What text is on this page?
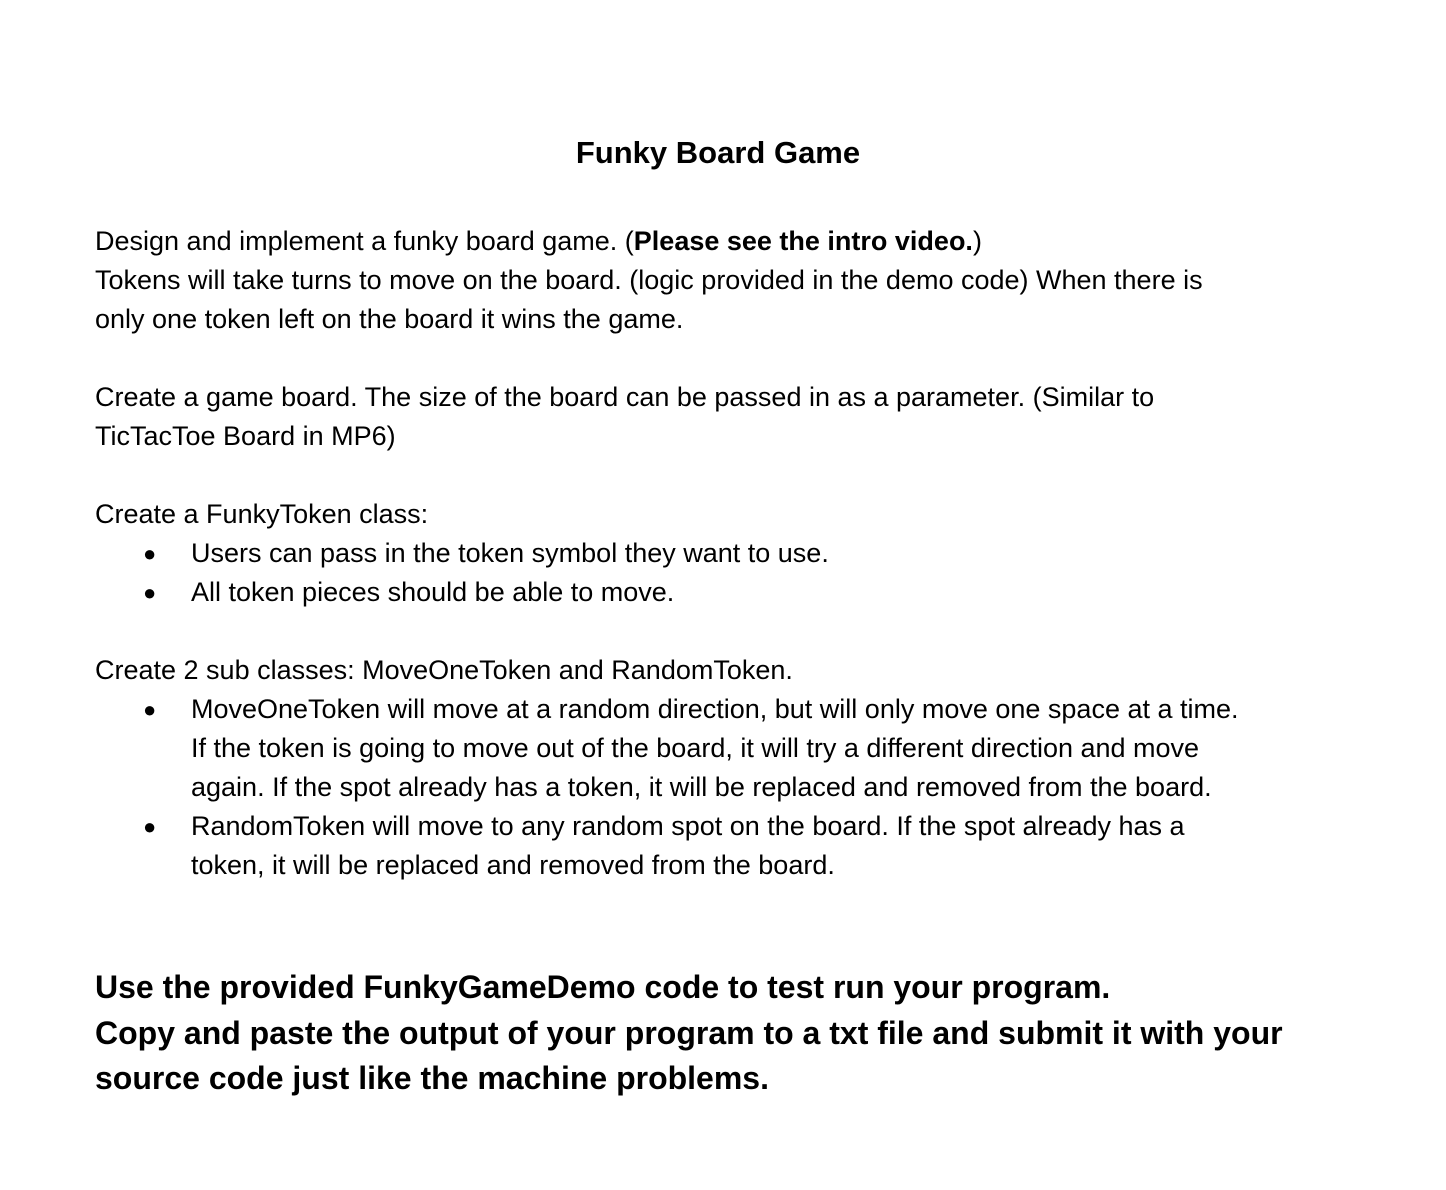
Funky Board Game
Design and implement a funky board game. (Please see the intro video.)
Tokens will take turns to move on the board. (logic provided in the demo code) When there is
only one token left on the board it wins the game.
Create a game board. The size of the board can be passed in as a parameter. (Similar to
TicTacToe Board in MP6)
Create a FunkyToken class:
● Users can pass in the token symbol they want to use.
● All token pieces should be able to move.
Create 2 sub classes: MoveOneToken and RandomToken.
● MoveOneToken will move at a random direction, but will only move one space at a time.
If the token is going to move out of the board, it will try a different direction and move
again. If the spot already has a token, it will be replaced and removed from the board.
● RandomToken will move to any random spot on the board. If the spot already has a
token, it will be replaced and removed from the board.
Use the provided FunkyGameDemo code to test run your program.
Copy and paste the output of your program to a txt file and submit it with your
source code just like the machine problems.
